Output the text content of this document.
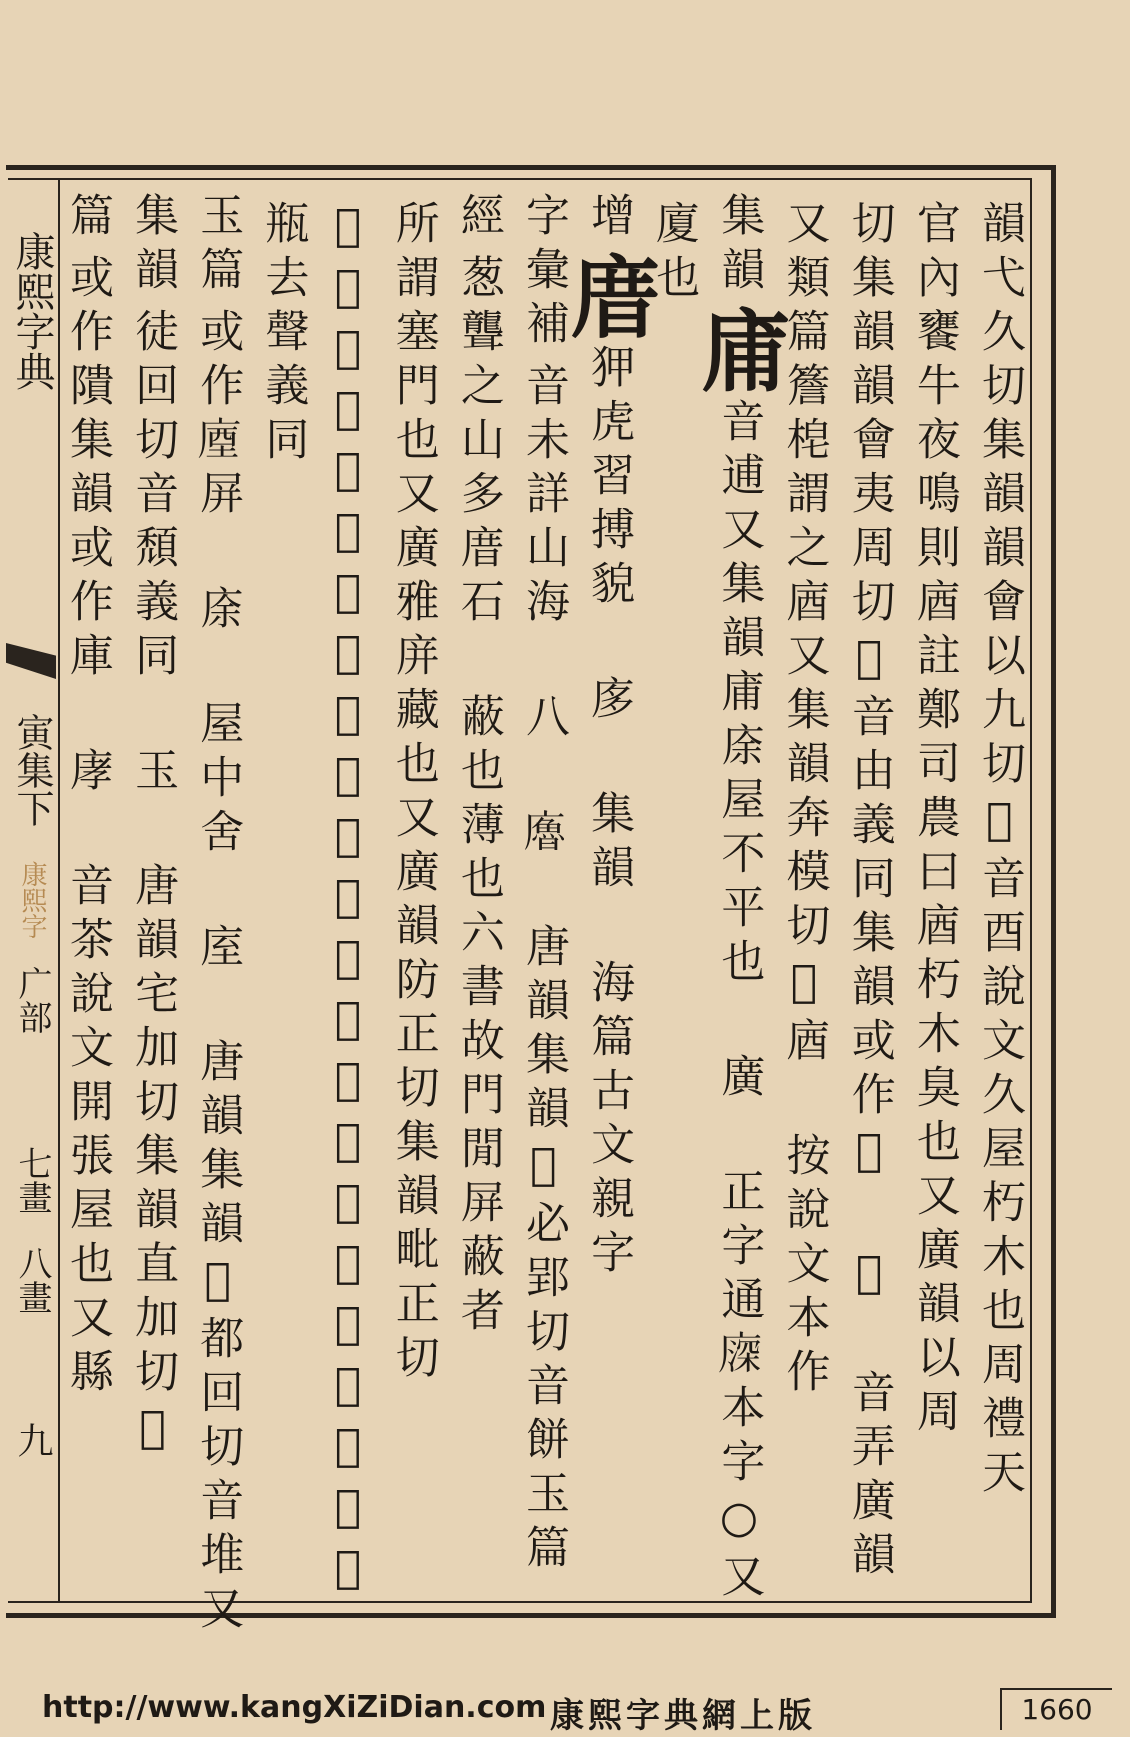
康熙字典
寅集下
康熙字
广部
七畫
八畫
九	韻弋久切集韻韻會以九切𡘯音酉說文久屋朽木也周禮天
官內饔牛夜鳴則庮註鄭司農曰庮朽木臭也又廣韻以周
切集韻韻會夷周切𡘯音由義同集韻或作𢊊 𢊍 音弄廣韻
又類篇簷梍謂之庮又集韻奔模切𡘯庮 按說文本作
集韻庯音逋又集韻庯庩屋不平也 廣 正字通𢊖本字○又
廈也
增庴狎虎習搏貌 㢁 集韻 海篇古文親字
字彙補音未詳山海 八 𢋡 唐韻集韻𡘯必郢切音餅玉篇
經葱聾之山多庴石 蔽也薄也六書故門閒屏蔽者
所謂塞門也又廣雅庰藏也又廣韻防正切集韻毗正切
𡘯音併廣韻庰隱僻也廁也又廣韻蒲徑切集韻步定切𡘯
瓶去聲義同
玉篇或作𢉬屏 庩 屋中舍 庢 唐韻集韻𡘯都回切音堆又
集韻徒回切音頹義同 玉 唐韻宅加切集韻直加切𡘯
篇或作隤集韻或作庫 庨 音茶說文開張屋也又縣
http://www.kangXiZiDian.com 康熙字典網上版	1660
